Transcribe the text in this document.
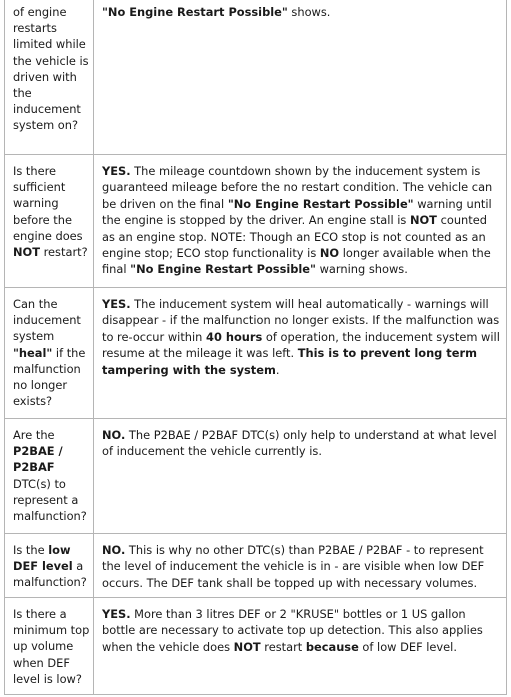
of engine restarts limited while the vehicle is driven with the inducement system on?
"No Engine Restart Possible" shows.
Is there sufficient warning before the engine does NOT restart?
YES. The mileage countdown shown by the inducement system is guaranteed mileage before the no restart condition. The vehicle can be driven on the final "No Engine Restart Possible" warning until the engine is stopped by the driver. An engine stall is NOT counted as an engine stop. NOTE: Though an ECO stop is not counted as an engine stop; ECO stop functionality is NO longer available when the final "No Engine Restart Possible" warning shows.
Can the inducement system "heal" if the malfunction no longer exists?
YES. The inducement system will heal automatically - warnings will disappear - if the malfunction no longer exists. If the malfunction was to re-occur within 40 hours of operation, the inducement system will resume at the mileage it was left. This is to prevent long term tampering with the system.
Are the P2BAE / P2BAF DTC(s) to represent a malfunction?
NO. The P2BAE / P2BAF DTC(s) only help to understand at what level of inducement the vehicle currently is.
Is the low DEF level a malfunction?
NO. This is why no other DTC(s) than P2BAE / P2BAF - to represent the level of inducement the vehicle is in - are visible when low DEF occurs. The DEF tank shall be topped up with necessary volumes.
Is there a minimum top up volume when DEF level is low?
YES. More than 3 litres DEF or 2 "KRUSE" bottles or 1 US gallon bottle are necessary to activate top up detection. This also applies when the vehicle does NOT restart because of low DEF level.
